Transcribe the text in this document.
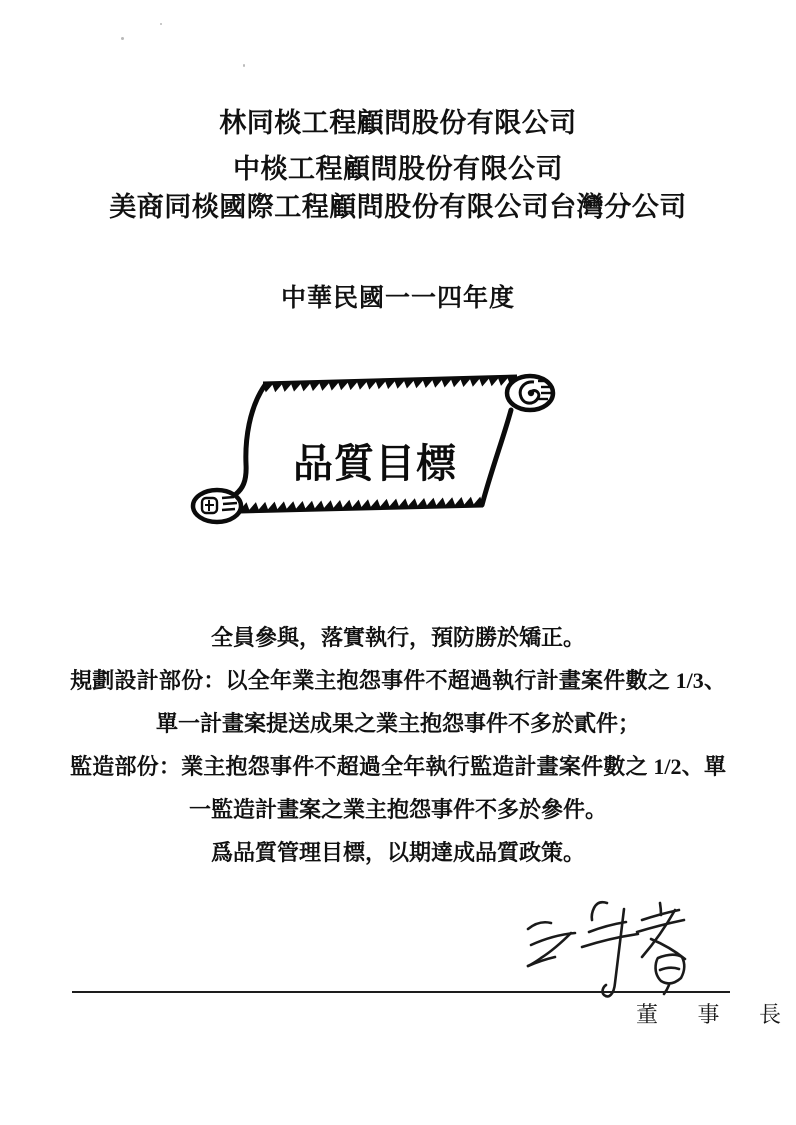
林同棪工程顧問股份有限公司
中棪工程顧問股份有限公司
美商同棪國際工程顧問股份有限公司台灣分公司
中華民國一一四年度
品質目標

全員參與，落實執行，預防勝於矯正。

規劃設計部份：以全年業主抱怨事件不超過執行計畫案件數之 1/3、

單一計畫案提送成果之業主抱怨事件不多於貳件；

監造部份：業主抱怨事件不超過全年執行監造計畫案件數之 1/2、單

一監造計畫案之業主抱怨事件不多於參件。

爲品質管理目標，以期達成品質政策。

董 事 長
